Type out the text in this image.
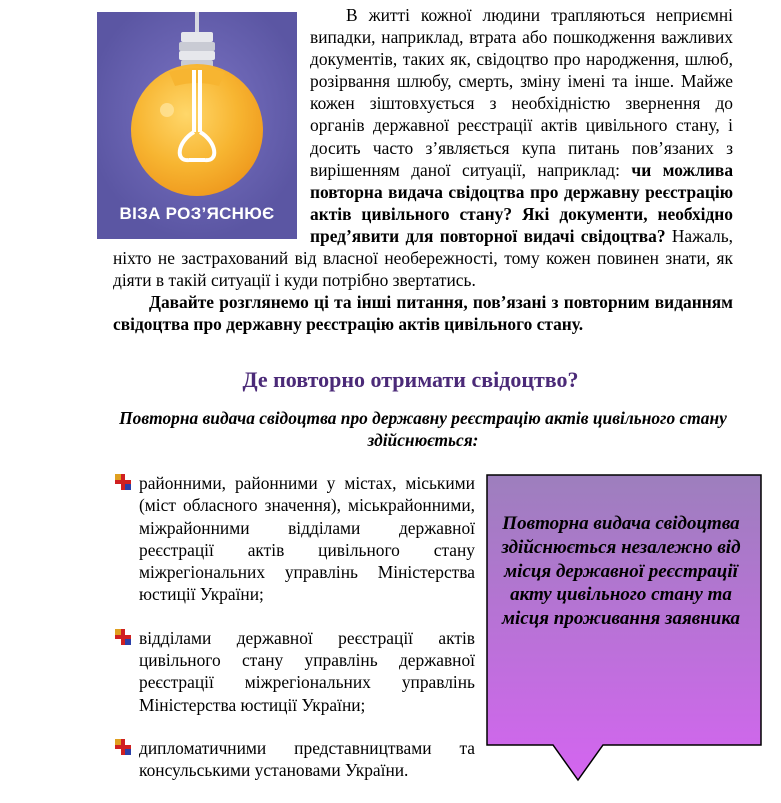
ВІЗА РОЗ’ЯСНЮЄ

В житті кожної людини трапляються неприємні випадки, наприклад, втрата або пошкодження важливих документів, таких як, свідоцтво про народження, шлюб, розірвання шлюбу, смерть, зміну імені та інше. Майже кожен зіштовхується з необхідністю звернення до органів державної реєстрації актів цивільного стану, і досить часто з’являється купа питань пов’язаних з вирішенням даної ситуації, наприклад: чи можлива повторна видача свідоцтва про державну реєстрацію актів цивільного стану? Які документи, необхідно пред’явити для повторної видачі свідоцтва? Нажаль, ніхто не застрахований від власної необережності, тому кожен повинен знати, як діяти в такій ситуації і куди потрібно звертатись.

Давайте розглянемо ці та інші питання, пов’язані з повторним виданням свідоцтва про державну реєстрацію актів цивільного стану.

Де повторно отримати свідоцтво?
Повторна видача свідоцтва про державну реєстрацію актів цивільного стану здійснюється:
районними, районними у містах, міськими (міст обласного значення), міськрайонними, міжрайонними відділами державної реєстрації актів цивільного стану міжрегіональних управлінь Міністерства юстиції України;
відділами державної реєстрації актів цивільного стану управлінь державної реєстрації міжрегіональних управлінь Міністерства юстиції України;
дипломатичними представництвами та консульськими установами України.
Повторна видача свідоцтва здійснюється незалежно від місця державної реєстрації акту цивільного стану та місця проживання заявника
